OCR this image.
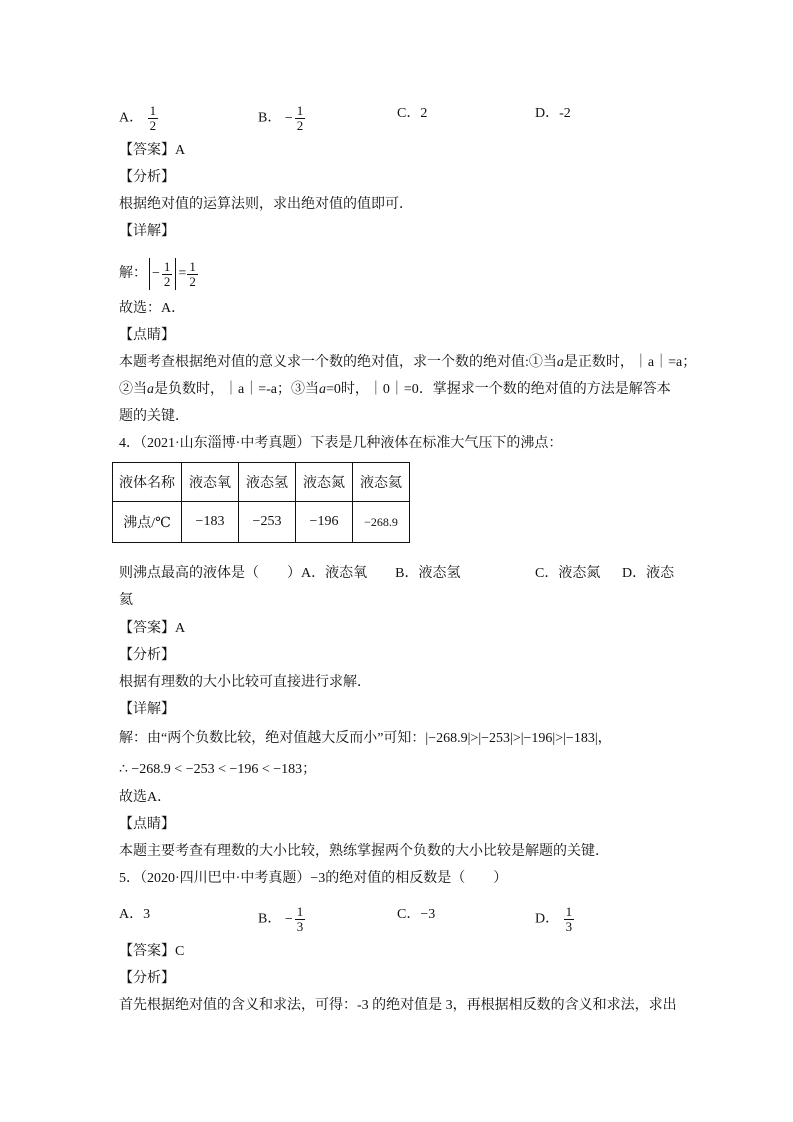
A． $\frac{1}{2}$	B． − $\frac{1}{2}$	C．2	D．-2
【答案】A
【分析】
根据绝对值的运算法则，求出绝对值的值即可．
【详解】
解： − $\frac{1}{2} = \frac{1}{2}$
故选：A．
【点睛】
本题考查根据绝对值的意义求一个数的绝对值，求一个数的绝对值:①当a是正数时，｜a｜=a；
②当a是负数时，｜a｜=-a；③当a=0时，｜0｜=0．掌握求一个数的绝对值的方法是解答本
题的关键．
4．（2021·山东淄博·中考真题）下表是几种液体在标准大气压下的沸点：
液体名称	液态氧	液态氢	液态氮	液态氦
沸点/℃	−183	−253	−196	−268.9
则沸点最高的液体是（　　）A．液态氧　　B．液态氢	C．液态氮 D．液态
氦
【答案】A
【分析】
根据有理数的大小比较可直接进行求解．
【详解】
解：由“两个负数比较，绝对值越大反而小”可知：|−268.9|>|−253|>|−196|>|−183|，
∴ −268.9 < −253 < −196 < −183；
故选A．
【点睛】
本题主要考查有理数的大小比较，熟练掌握两个负数的大小比较是解题的关键．
5．（2020·四川巴中·中考真题）−3的绝对值的相反数是（　　）
A．3	B． − $\frac{1}{3}$	C．−3	D． $\frac{1}{3}$
【答案】C
【分析】
首先根据绝对值的含义和求法，可得：-3 的绝对值是 3，再根据相反数的含义和求法，求出
